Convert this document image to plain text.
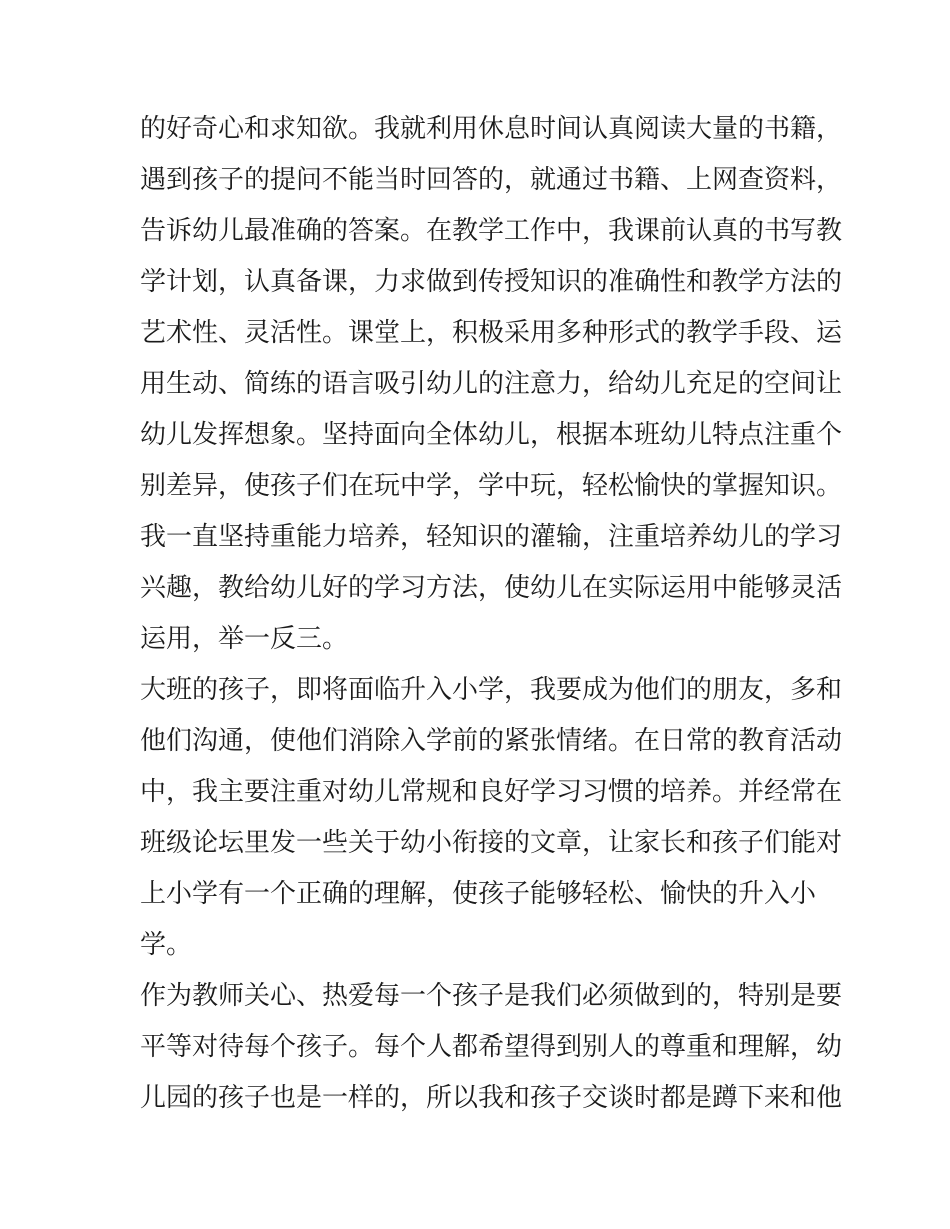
的好奇心和求知欲。我就利用休息时间认真阅读大量的书籍，
遇到孩子的提问不能当时回答的，就通过书籍、上网查资料，
告诉幼儿最准确的答案。在教学工作中，我课前认真的书写教
学计划，认真备课，力求做到传授知识的准确性和教学方法的
艺术性、灵活性。课堂上，积极采用多种形式的教学手段、运
用生动、简练的语言吸引幼儿的注意力，给幼儿充足的空间让
幼儿发挥想象。坚持面向全体幼儿，根据本班幼儿特点注重个
别差异，使孩子们在玩中学，学中玩，轻松愉快的掌握知识。
我一直坚持重能力培养，轻知识的灌输，注重培养幼儿的学习
兴趣，教给幼儿好的学习方法，使幼儿在实际运用中能够灵活
运用，举一反三。
大班的孩子，即将面临升入小学，我要成为他们的朋友，多和
他们沟通，使他们消除入学前的紧张情绪。在日常的教育活动
中，我主要注重对幼儿常规和良好学习习惯的培养。并经常在
班级论坛里发一些关于幼小衔接的文章，让家长和孩子们能对
上小学有一个正确的理解，使孩子能够轻松、愉快的升入小
学。
作为教师关心、热爱每一个孩子是我们必须做到的，特别是要
平等对待每个孩子。每个人都希望得到别人的尊重和理解，幼
儿园的孩子也是一样的，所以我和孩子交谈时都是蹲下来和他
